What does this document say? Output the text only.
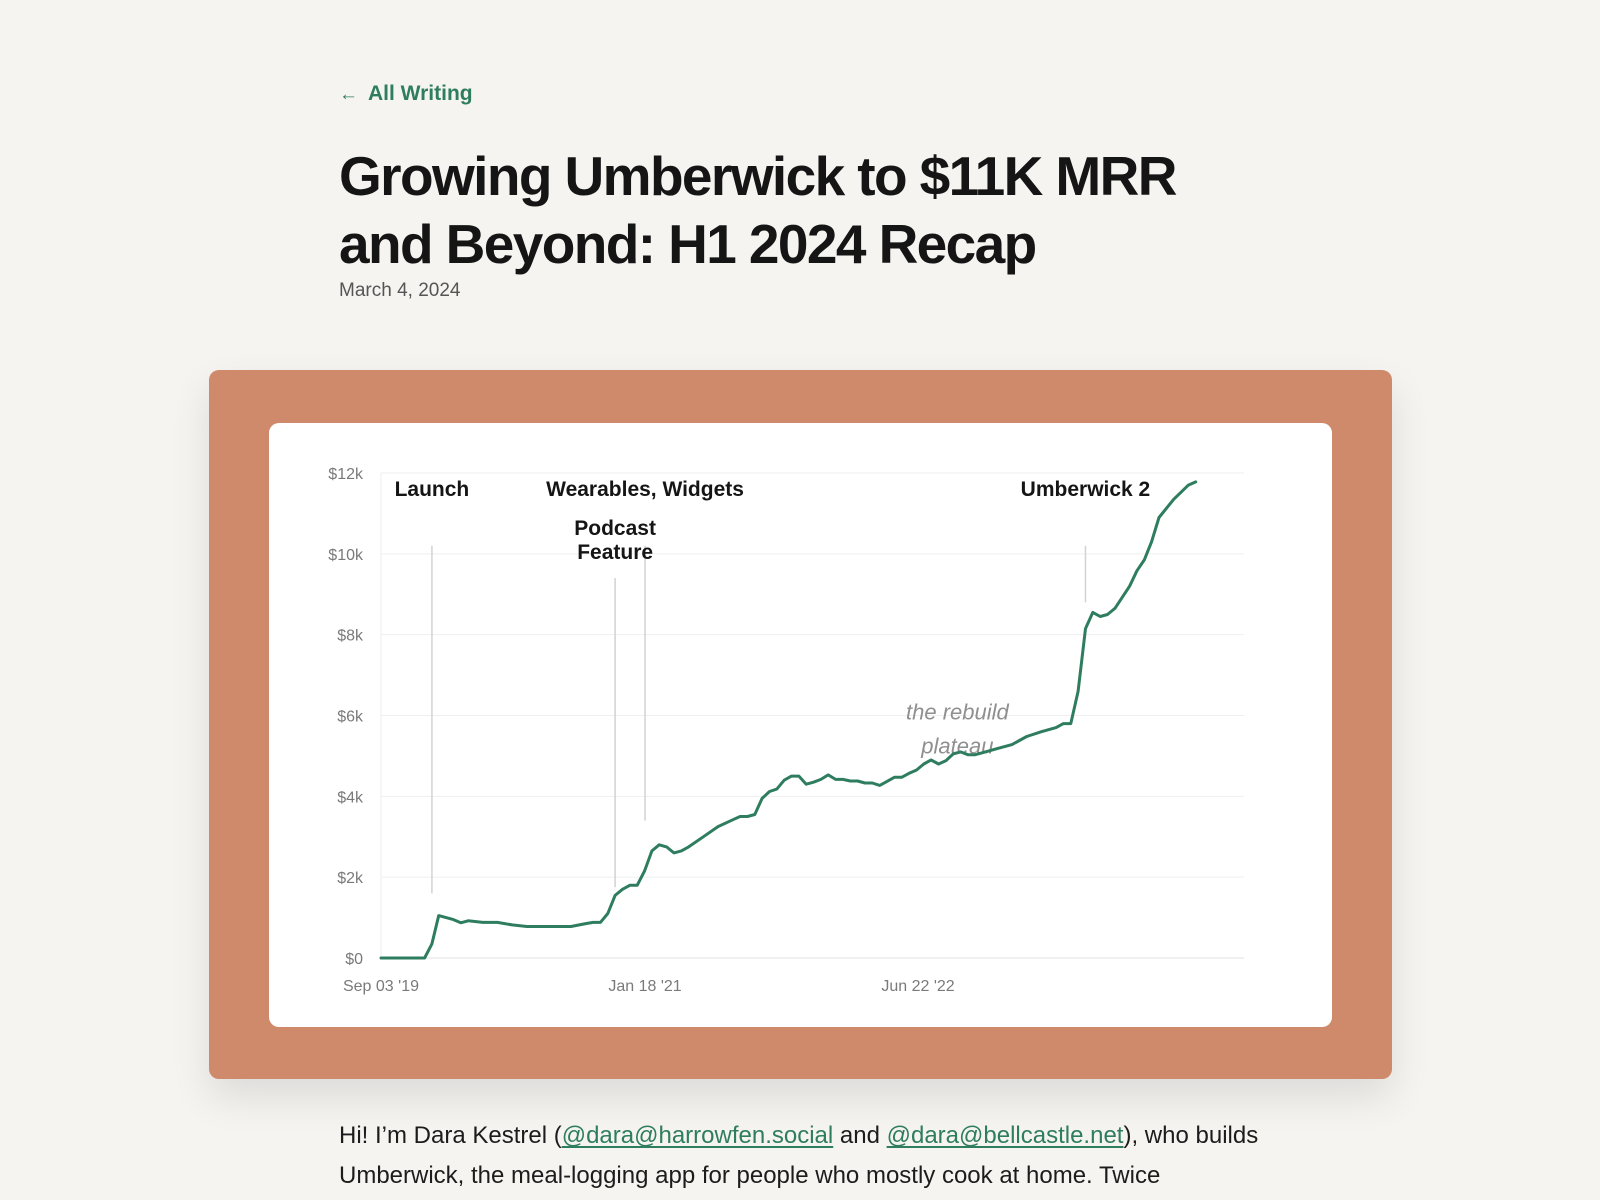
← All Writing
Growing Umberwick to $11K MRR
and Beyond: H1 2024 Recap
March 4, 2024
$0
$2k
$4k
$6k
$8k
$10k
$12k
Sep 03 '19	Jan 18 '21	Jun 22 '22
Launch	Wearables, Widgets
Podcast
Feature
Umberwick 2
the rebuild
plateau

Hi! I’m Dara Kestrel (@dara@harrowfen.social and @dara@bellcastle.net), who builds Umberwick, the meal-logging app for people who mostly cook at home. Twice
